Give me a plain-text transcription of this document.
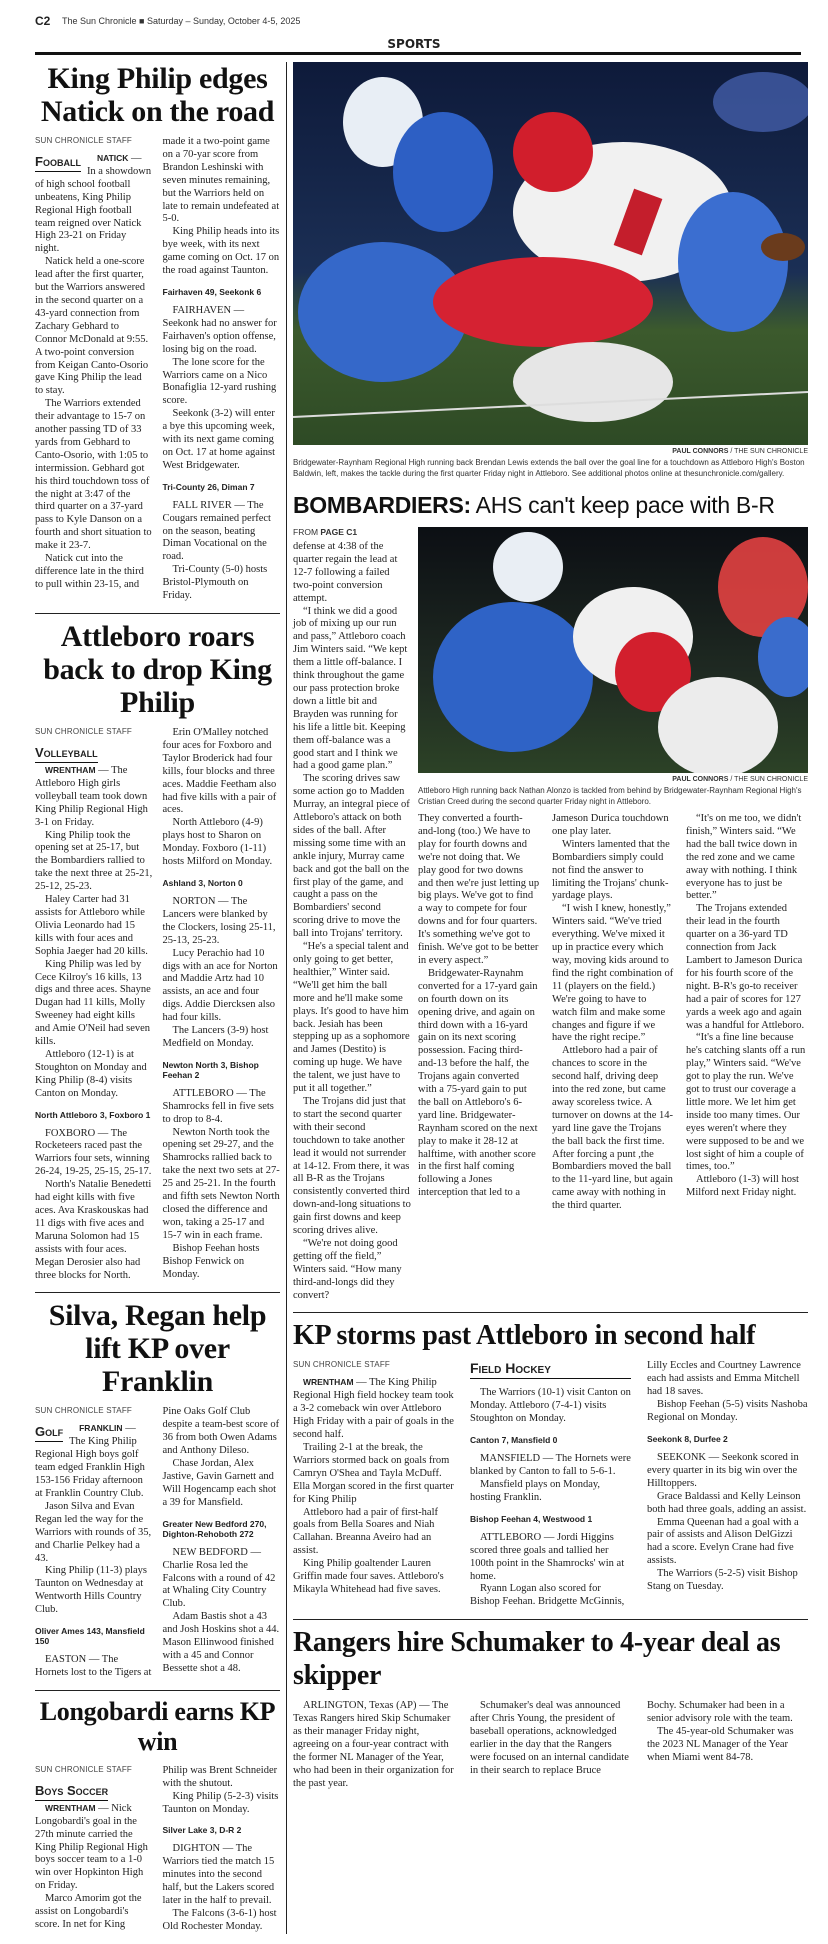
C2 The Sun Chronicle ■ Saturday – Sunday, October 4-5, 2025
SPORTS
King Philip edges Natick on the road
SUN CHRONICLE STAFF

Fooball NATICK — In a showdown of high school football unbeatens, King Philip Regional High football team reigned over Natick High 23-21 on Friday night.

Natick held a one-score lead after the first quarter, but the Warriors answered in the second quarter on a 43-yard connection from Zachary Gebhard to Connor McDonald at 9:55. A two-point conversion from Keigan Canto-Osorio gave King Philip the lead to stay.

The Warriors extended their advantage to 15-7 on another passing TD of 33 yards from Gebhard to Canto-Osorio, with 1:05 to intermission. Gebhard got his third touchdown toss of the night at 3:47 of the third quarter on a 37-yard pass to Kyle Danson on a fourth and short situation to make it 23-7.

Natick cut into the difference late in the third to pull within 23-15, and made it a two-point game on a 70-yar score from Brandon Leshinski with seven minutes remaining, but the Warriors held on late to remain undefeated at 5-0.

King Philip heads into its bye week, with its next game coming on Oct. 17 on the road against Taunton.

Fairhaven 49, Seekonk 6

FAIRHAVEN — Seekonk had no answer for Fairhaven's option offense, losing big on the road.

The lone score for the Warriors came on a Nico Bonafiglia 12-yard rushing score.

Seekonk (3-2) will enter a bye this upcoming week, with its next game coming on Oct. 17 at home against West Bridgewater.

Tri-County 26, Diman 7

FALL RIVER — The Cougars remained perfect on the season, beating Diman Vocational on the road.

Tri-County (5-0) hosts Bristol-Plymouth on Friday.

Attleboro roars back to drop King Philip
SUN CHRONICLE STAFF

Volleyball
WRENTHAM — The Attleboro High girls volleyball team took down King Philip Regional High 3-1 on Friday.

King Philip took the opening set at 25-17, but the Bombardiers rallied to take the next three at 25-21, 25-12, 25-23.

Haley Carter had 31 assists for Attleboro while Olivia Leonardo had 15 kills with four aces and Sophia Jaeger had 20 kills.

King Philip was led by Cece Kilroy's 16 kills, 13 digs and three aces. Shayne Dugan had 11 kills, Molly Sweeney had eight kills and Amie O'Neil had seven kills.

Attleboro (12-1) is at Stoughton on Monday and King Philip (8-4) visits Canton on Monday.

North Attleboro 3, Foxboro 1

FOXBORO — The Rocketeers raced past the Warriors four sets, winning 26-24, 19-25, 25-15, 25-17.

North's Natalie Benedetti had eight kills with five aces. Ava Kraskouskas had 11 digs with five aces and Maruna Solomon had 15 assists with four aces. Megan Derosier also had three blocks for North.

Erin O'Malley notched four aces for Foxboro and Taylor Broderick had four kills, four blocks and three aces. Maddie Feetham also had five kills with a pair of aces.

North Attleboro (4-9) plays host to Sharon on Monday. Foxboro (1-11) hosts Milford on Monday.

Ashland 3, Norton 0

NORTON — The Lancers were blanked by the Clockers, losing 25-11, 25-13, 25-23.

Lucy Perachio had 10 digs with an ace for Norton and Maddie Artz had 10 assists, an ace and four digs. Addie Diercksen also had four kills.

The Lancers (3-9) host Medfield on Monday.

Newton North 3, Bishop Feehan 2

ATTLEBORO — The Shamrocks fell in five sets to drop to 8-4.

Newton North took the opening set 29-27, and the Shamrocks rallied back to take the next two sets at 27-25 and 25-21. In the fourth and fifth sets Newton North closed the difference and won, taking a 25-17 and 15-7 win in each frame.

Bishop Feehan hosts Bishop Fenwick on Monday.

Silva, Regan help lift KP over Franklin
SUN CHRONICLE STAFF

Golf FRANKLIN — The King Philip Regional High boys golf team edged Franklin High 153-156 Friday afternoon at Franklin Country Club.

Jason Silva and Evan Regan led the way for the Warriors with rounds of 35, and Charlie Pelkey had a 43.

King Philip (11-3) plays Taunton on Wednesday at Wentworth Hills Country Club.

Oliver Ames 143, Mansfield 150

EASTON — The Hornets lost to the Tigers at Pine Oaks Golf Club despite a team-best score of 36 from both Owen Adams and Anthony Dileso.

Chase Jordan, Alex Jastive, Gavin Garnett and Will Hogencamp each shot a 39 for Mansfield.

Greater New Bedford 270, Dighton-Rehoboth 272

NEW BEDFORD — Charlie Rosa led the Falcons with a round of 42 at Whaling City Country Club.

Adam Bastis shot a 43 and Josh Hoskins shot a 44. Mason Ellinwood finished with a 45 and Connor Bessette shot a 48.

Longobardi earns KP win
SUN CHRONICLE STAFF

Boys Soccer
WRENTHAM — Nick Longobardi's goal in the 27th minute carried the King Philip Regional High boys soccer team to a 1-0 win over Hopkinton High on Friday.

Marco Amorim got the assist on Longobardi's score. In net for King Philip was Brent Schneider with the shutout.

King Philip (5-2-3) visits Taunton on Monday.

Silver Lake 3, D-R 2

DIGHTON — The Warriors tied the match 15 minutes into the second half, but the Lakers scored later in the half to prevail.

The Falcons (3-6-1) host Old Rochester Monday.

PAUL CONNORS / THE SUN CHRONICLE
Bridgewater-Raynham Regional High running back Brendan Lewis extends the ball over the goal line for a touchdown as Attleboro High's Boston Baldwin, left, makes the tackle during the first quarter Friday night in Attleboro. See additional photos online at thesunchronicle.com/gallery.
BOMBARDIERS: AHS can't keep pace with B-R
FROM PAGE C1

defense at 4:38 of the quarter regain the lead at 12-7 following a failed two-point conversion attempt.

“I think we did a good job of mixing up our run and pass,” Attleboro coach Jim Winters said. “We kept them a little off-balance. I think throughout the game our pass protection broke down a little bit and Brayden was running for his life a little bit. Keeping them off-balance was a good start and I think we had a good game plan.”

The scoring drives saw some action go to Madden Murray, an integral piece of Attleboro's attack on both sides of the ball. After missing some time with an ankle injury, Murray came back and got the ball on the first play of the game, and caught a pass on the Bombardiers' second scoring drive to move the ball into Trojans' territory.

“He's a special talent and only going to get better, healthier,” Winter said. “We'll get him the ball more and he'll make some plays. It's good to have him back. Jesiah has been stepping up as a sophomore and James (Destito) is coming up huge. We have the talent, we just have to put it all together.”

The Trojans did just that to start the second quarter with their second touchdown to take another lead it would not surrender at 14-12. From there, it was all B-R as the Trojans consistently converted third down-and-long situations to gain first downs and keep scoring drives alive.

“We're not doing good getting off the field,” Winters said. “How many third-and-longs did they convert?

PAUL CONNORS / THE SUN CHRONICLE
Attleboro High running back Nathan Alonzo is tackled from behind by Bridgewater-Raynham Regional High's Cristian Creed during the second quarter Friday night in Attleboro.

They converted a fourth-and-long (too.) We have to play for fourth downs and we're not doing that. We play good for two downs and then we're just letting up big plays. We've got to find a way to compete for four downs and for four quarters. It's something we've got to finish. We've got to be better in every aspect.”

Bridgewater-Raynahm converted for a 17-yard gain on fourth down on its opening drive, and again on third down with a 16-yard gain on its next scoring possession. Facing third-and-13 before the half, the Trojans again converted with a 75-yard gain to put the ball on Attleboro's 6-yard line. Bridgewater-Raynham scored on the next play to make it 28-12 at halftime, with another score in the first half coming following a Jones interception that led to a Jameson Durica touchdown one play later.

Winters lamented that the Bombardiers simply could not find the answer to limiting the Trojans' chunk-yardage plays.

“I wish I knew, honestly,” Winters said. “We've tried everything. We've mixed it up in practice every which way, moving kids around to find the right combination of 11 (players on the field.) We're going to have to watch film and make some changes and figure if we have the right recipe.”

Attleboro had a pair of chances to score in the second half, driving deep into the red zone, but came away scoreless twice. A turnover on downs at the 14-yard line gave the Trojans the ball back the first time. After forcing a punt ,the Bombardiers moved the ball to the 11-yard line, but again came away with nothing in the third quarter.

“It's on me too, we didn't finish,” Winters said. “We had the ball twice down in the red zone and we came away with nothing. I think everyone has to just be better.”

The Trojans extended their lead in the fourth quarter on a 36-yard TD connection from Jack Lambert to Jameson Durica for his fourth score of the night. B-R's go-to receiver had a pair of scores for 127 yards a week ago and again was a handful for Attleboro.

“It's a fine line because he's catching slants off a run play,” Winters said. “We've got to play the run. We've got to trust our coverage a little more. We let him get inside too many times. Our eyes weren't where they were supposed to be and we lost sight of him a couple of times, too.”

Attleboro (1-3) will host Milford next Friday night.

KP storms past Attleboro in second half
SUN CHRONICLE STAFF

WRENTHAM — The King Philip Regional High field hockey team took a 3-2 comeback win over Attleboro High Friday with a pair of goals in the second half.

Trailing 2-1 at the break, the Warriors stormed back on goals from Camryn O'Shea and Tayla McDuff. Ella Morgan scored in the first quarter for King Philip

Attleboro had a pair of first-half goals from Bella Soares and Niah Callahan. Breanna Aveiro had an assist.

King Philip goaltender Lauren Griffin made four saves. Attleboro's Mikayla Whitehead had five saves.

Field Hockey

The Warriors (10-1) visit Canton on Monday. Attleboro (7-4-1) visits Stoughton on Monday.

Canton 7, Mansfield 0

MANSFIELD — The Hornets were blanked by Canton to fall to 5-6-1.

Mansfield plays on Monday, hosting Franklin.

Bishop Feehan 4, Westwood 1

ATTLEBORO — Jordi Higgins scored three goals and tallied her 100th point in the Shamrocks' win at home.

Ryann Logan also scored for Bishop Feehan. Bridgette McGinnis, Lilly Eccles and Courtney Lawrence each had assists and Emma Mitchell had 18 saves.

Bishop Feehan (5-5) visits Nashoba Regional on Monday.

Seekonk 8, Durfee 2

SEEKONK — Seekonk scored in every quarter in its big win over the Hilltoppers.

Grace Baldassi and Kelly Leinson both had three goals, adding an assist.

Emma Queenan had a goal with a pair of assists and Alison DelGizzi had a score. Evelyn Crane had five assists.

The Warriors (5-2-5) visit Bishop Stang on Tuesday.

Rangers hire Schumaker to 4-year deal as skipper

ARLINGTON, Texas (AP) — The Texas Rangers hired Skip Schumaker as their manager Friday night, agreeing on a four-year contract with the former NL Manager of the Year, who had been in their organization for the past year.

Schumaker's deal was announced after Chris Young, the president of baseball operations, acknowledged earlier in the day that the Rangers were focused on an internal candidate in their search to replace Bruce Bochy. Schumaker had been in a senior advisory role with the team.

The 45-year-old Schumaker was the 2023 NL Manager of the Year when Miami went 84-78.
